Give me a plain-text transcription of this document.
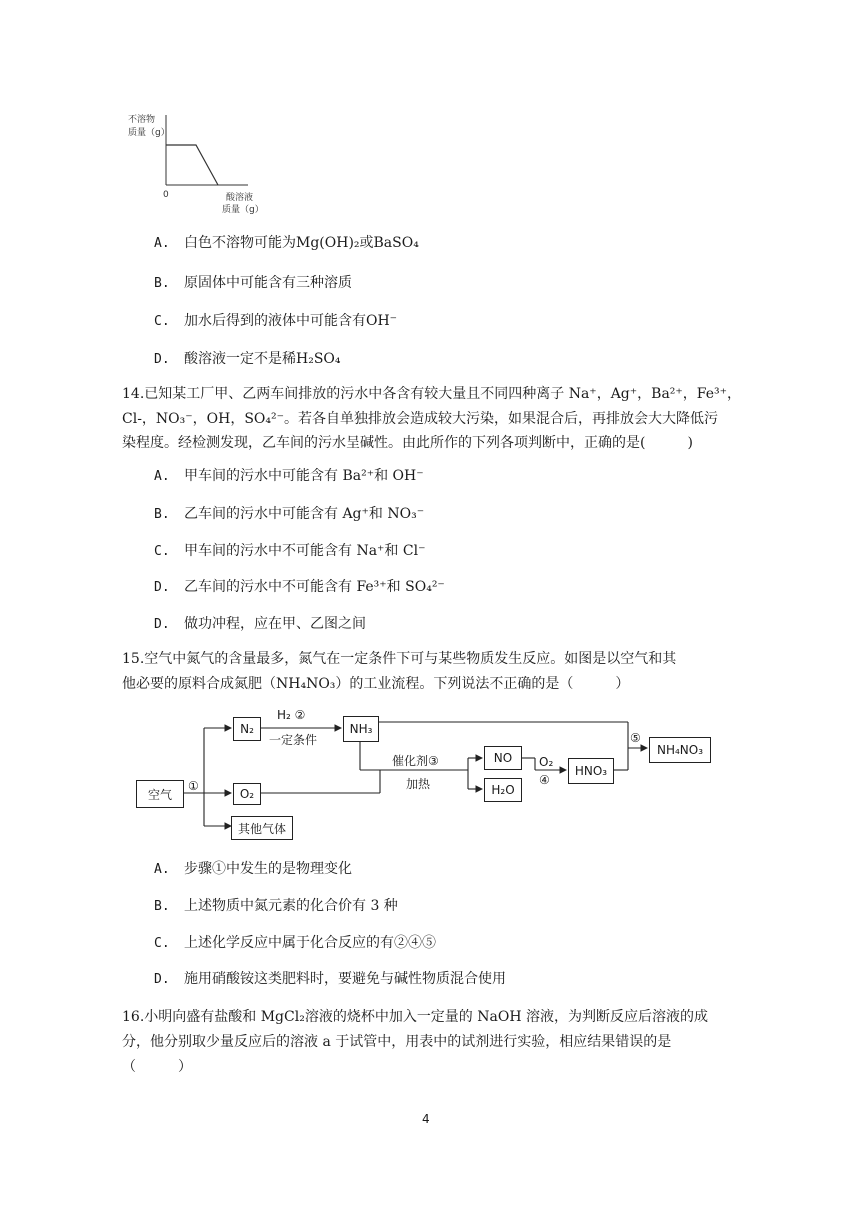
不溶物
质量（g）
0	酸溶液
质量（g）
A. 白色不溶物可能为Mg(OH)₂或BaSO₄
B. 原固体中可能含有三种溶质
C. 加水后得到的液体中可能含有OH⁻
D. 酸溶液一定不是稀H₂SO₄
14.已知某工厂甲、乙两车间排放的污水中各含有较大量且不同四种离子 Na⁺，Ag⁺，Ba²⁺，Fe³⁺，
Cl-，NO₃⁻，OH，SO₄²⁻。若各自单独排放会造成较大污染，如果混合后，再排放会大大降低污
染程度。经检测发现，乙车间的污水呈碱性。由此所作的下列各项判断中，正确的是(　　　)
A. 甲车间的污水中可能含有 Ba²⁺和 OH⁻
B. 乙车间的污水中可能含有 Ag⁺和 NO₃⁻
C. 甲车间的污水中不可能含有 Na⁺和 Cl⁻
D. 乙车间的污水中不可能含有 Fe³⁺和 SO₄²⁻
D. 做功冲程，应在甲、乙图之间
15.空气中氮气的含量最多，氮气在一定条件下可与某些物质发生反应。如图是以空气和其
他必要的原料合成氮肥（NH₄NO₃）的工业流程。下列说法不正确的是（　　　）
空气
①
N₂
H₂ ②
一定条件
NH₃
O₂
其他气体
催化剂③
加热
NO
H₂O
O₂
④
HNO₃
⑤
NH₄NO₃
A. 步骤①中发生的是物理变化
B. 上述物质中氮元素的化合价有 3 种
C. 上述化学反应中属于化合反应的有②④⑤
D. 施用硝酸铵这类肥料时，要避免与碱性物质混合使用
16.小明向盛有盐酸和 MgCl₂溶液的烧杯中加入一定量的 NaOH 溶液，为判断反应后溶液的成
分，他分别取少量反应后的溶液 a 于试管中，用表中的试剂进行实验，相应结果错误的是
（　　　）
4
